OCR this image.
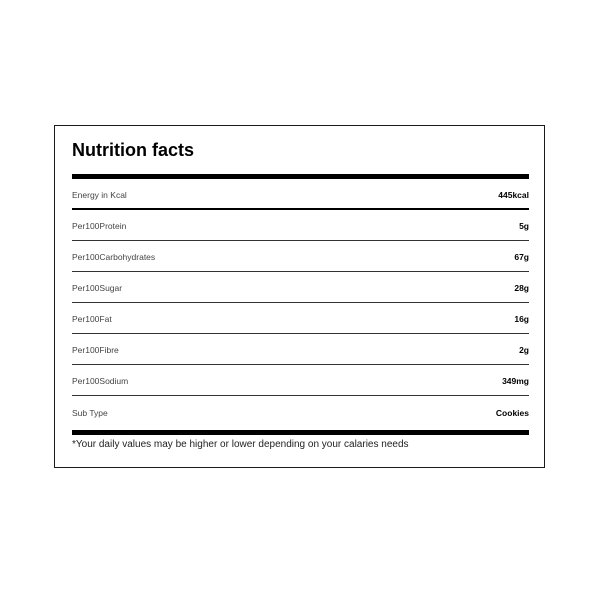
Nutrition facts
Energy in Kcal	445kcal
Per100Protein	5g
Per100Carbohydrates	67g
Per100Sugar	28g
Per100Fat	16g
Per100Fibre	2g
Per100Sodium	349mg
Sub Type	Cookies

*Your daily values may be higher or lower depending on your calaries needs
